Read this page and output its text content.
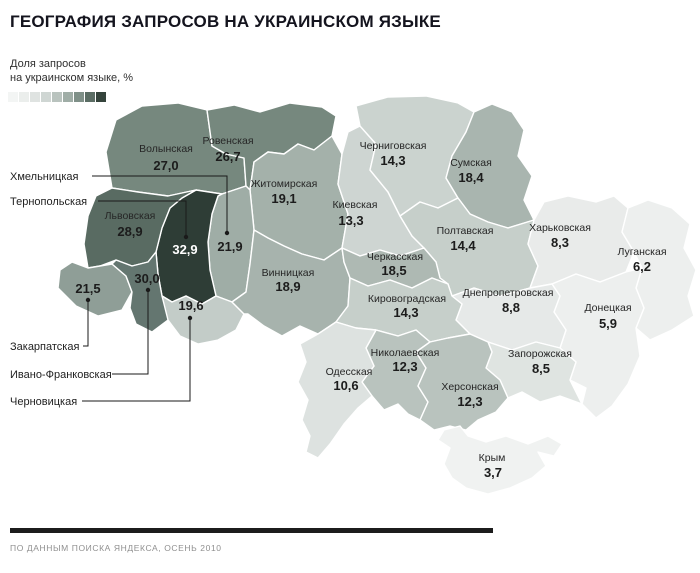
ГЕОГРАФИЯ ЗАПРОСОВ НА УКРАИНСКОМ ЯЗЫКЕ
Доля запросов
на украинском языке, %
Волынская
27,0
Ровенская
26,7
Житомирская
19,1
21,9
32,9
Львовская
28,9
21,5
30,0
19,6
Винницкая
18,9
Киевская
13,3
Черниговская
14,3	Сумская
18,4
Полтавская
14,4
Харьковская
8,3
Луганская
6,2
Донецкая
5,9
Днепропетровская
8,8
Запорожская
8,5
Черкасская
18,5
Кировоградская
14,3
Николаевская
12,3
Одесская
10,6	Херсонская
12,3
Крым
3,7
Хмельницкая
Тернопольская
Закарпатская
Ивано-Франковская
Черновицкая
ПО ДАННЫМ ПОИСКА ЯНДЕКСА, ОСЕНЬ 2010
